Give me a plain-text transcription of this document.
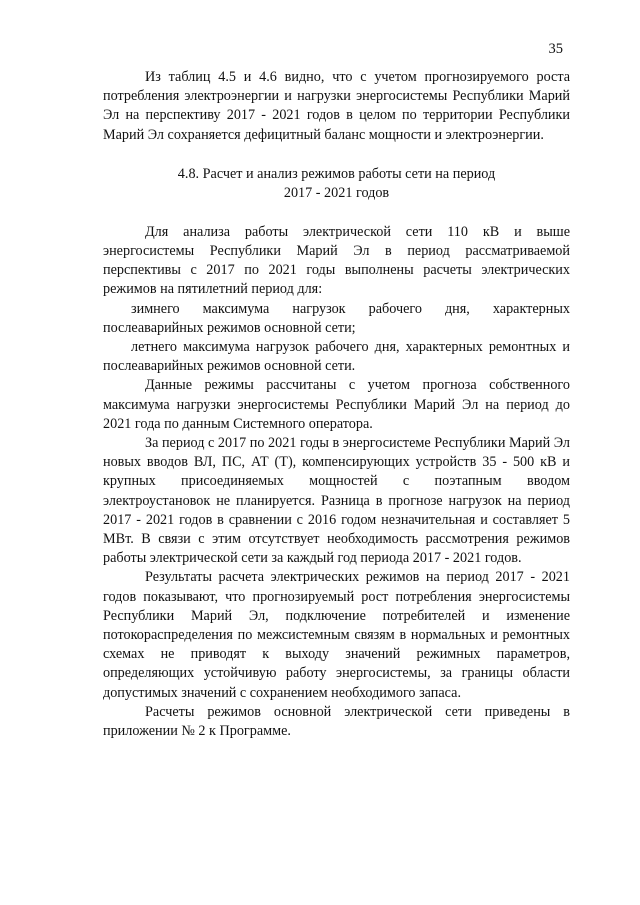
35

Из таблиц 4.5 и 4.6 видно, что с учетом прогнозируемого роста потребления электроэнергии и нагрузки энергосистемы Республики Марий Эл на перспективу 2017 - 2021 годов в целом по территории Республики Марий Эл сохраняется дефицитный баланс мощности и электроэнергии.

4.8. Расчет и анализ режимов работы сети на период

2017 - 2021 годов

Для анализа работы электрической сети 110 кВ и выше энергосистемы Республики Марий Эл в период рассматриваемой перспективы с 2017 по 2021 годы выполнены расчеты электрических режимов на пятилетний период для:

зимнего максимума нагрузок рабочего дня, характерных послеаварийных режимов основной сети;

летнего максимума нагрузок рабочего дня, характерных ремонтных и послеаварийных режимов основной сети.

Данные режимы рассчитаны с учетом прогноза собственного максимума нагрузки энергосистемы Республики Марий Эл на период до 2021 года по данным Системного оператора.

За период с 2017 по 2021 годы в энергосистеме Республики Марий Эл новых вводов ВЛ, ПС, АТ (Т), компенсирующих устройств 35 - 500 кВ и крупных присоединяемых мощностей с поэтапным вводом электроустановок не планируется. Разница в прогнозе нагрузок на период 2017 - 2021 годов в сравнении с 2016 годом незначительная и составляет 5 МВт. В связи с этим отсутствует необходимость рассмотрения режимов работы электрической сети за каждый год периода 2017 - 2021 годов.

Результаты расчета электрических режимов на период 2017 - 2021 годов показывают, что прогнозируемый рост потребления энергосистемы Республики Марий Эл, подключение потребителей и изменение потокораспределения по межсистемным связям в нормальных и ремонтных схемах не приводят к выходу значений режимных параметров, определяющих устойчивую работу энергосистемы, за границы области допустимых значений с сохранением необходимого запаса.

Расчеты режимов основной электрической сети приведены в приложении № 2 к Программе.
